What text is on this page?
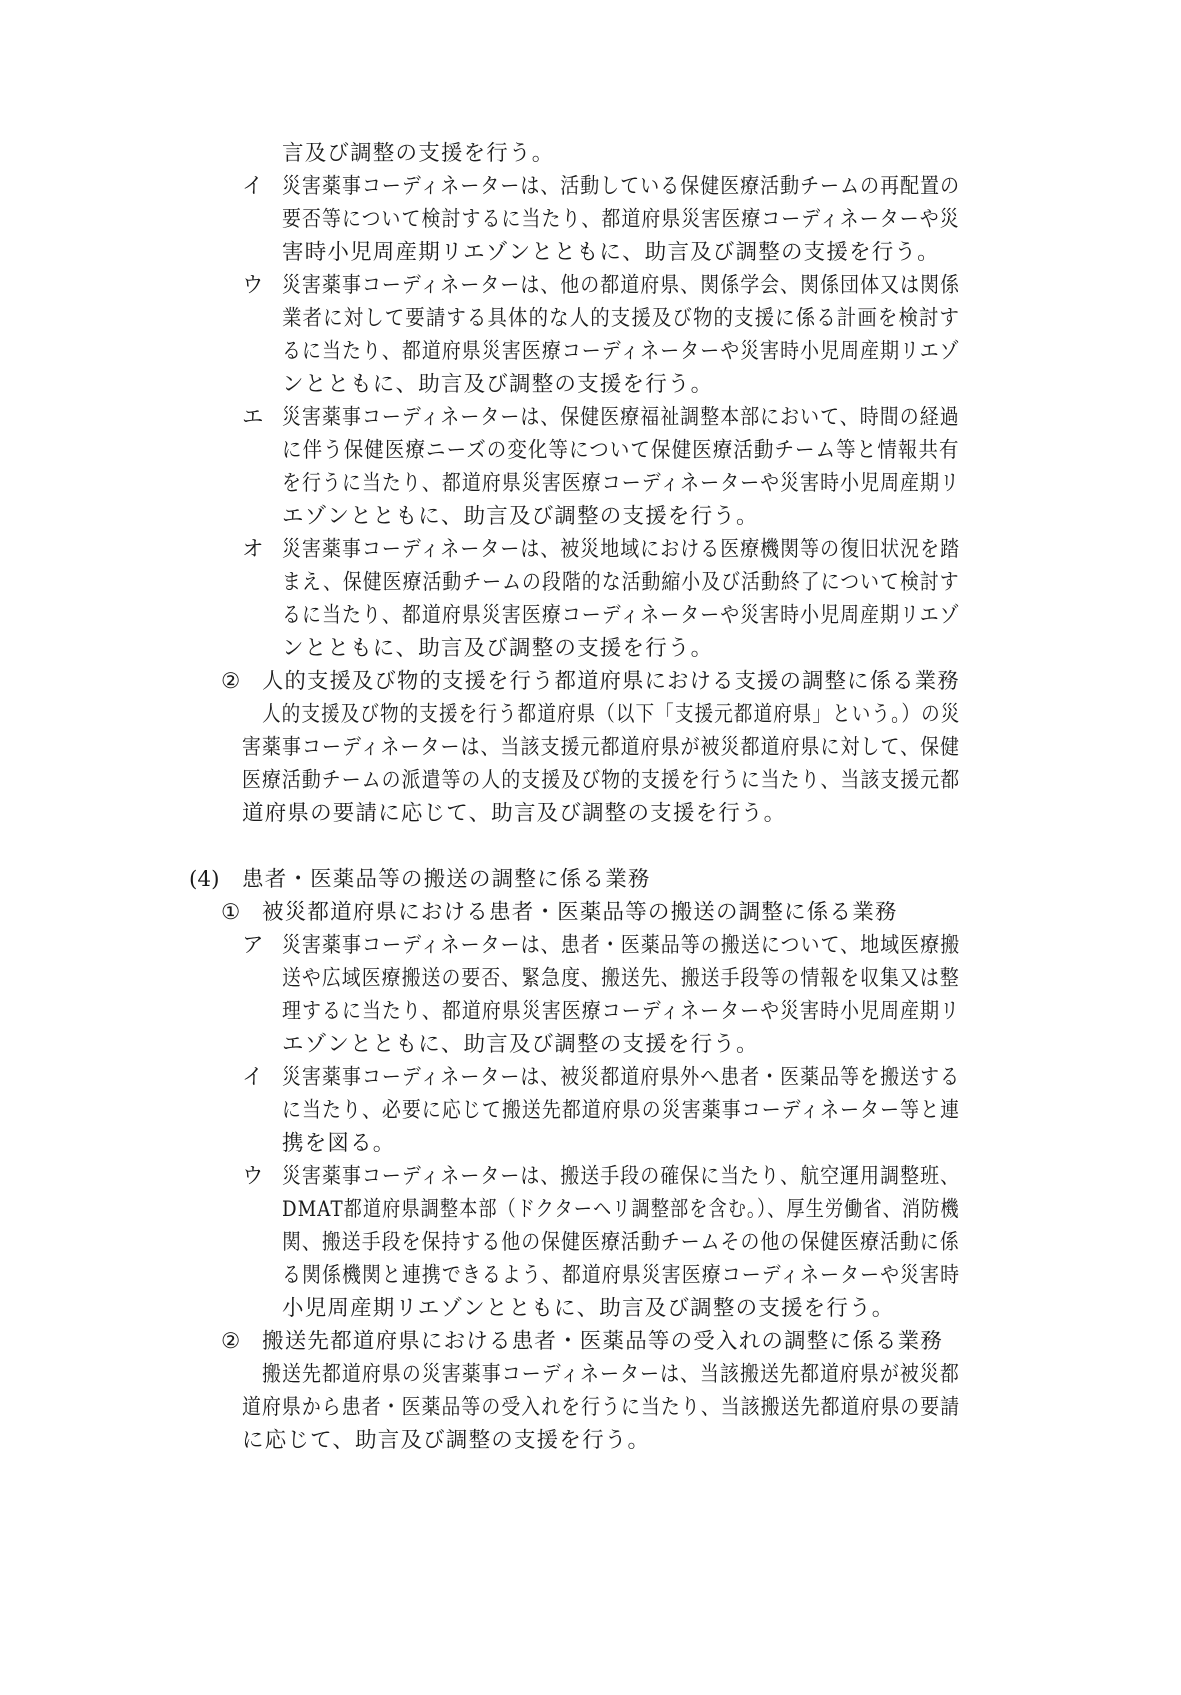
言及び調整の支援を行う。
イ 災害薬事コーディネーターは、活動している保健医療活動チームの再配置の
要否等について検討するに当たり、都道府県災害医療コーディネーターや災
害時小児周産期リエゾンとともに、助言及び調整の支援を行う。
ウ 災害薬事コーディネーターは、他の都道府県、関係学会、関係団体又は関係
業者に対して要請する具体的な人的支援及び物的支援に係る計画を検討す
るに当たり、都道府県災害医療コーディネーターや災害時小児周産期リエゾ
ンとともに、助言及び調整の支援を行う。
エ 災害薬事コーディネーターは、保健医療福祉調整本部において、時間の経過
に伴う保健医療ニーズの変化等について保健医療活動チーム等と情報共有
を行うに当たり、都道府県災害医療コーディネーターや災害時小児周産期リ
エゾンとともに、助言及び調整の支援を行う。
オ 災害薬事コーディネーターは、被災地域における医療機関等の復旧状況を踏
まえ、保健医療活動チームの段階的な活動縮小及び活動終了について検討す
るに当たり、都道府県災害医療コーディネーターや災害時小児周産期リエゾ
ンとともに、助言及び調整の支援を行う。
② 人的支援及び物的支援を行う都道府県における支援の調整に係る業務
人的支援及び物的支援を行う都道府県（以下「支援元都道府県」という。）の災
害薬事コーディネーターは、当該支援元都道府県が被災都道府県に対して、保健
医療活動チームの派遣等の人的支援及び物的支援を行うに当たり、当該支援元都
道府県の要請に応じて、助言及び調整の支援を行う。
(4) 患者・医薬品等の搬送の調整に係る業務
① 被災都道府県における患者・医薬品等の搬送の調整に係る業務
ア 災害薬事コーディネーターは、患者・医薬品等の搬送について、地域医療搬
送や広域医療搬送の要否、緊急度、搬送先、搬送手段等の情報を収集又は整
理するに当たり、都道府県災害医療コーディネーターや災害時小児周産期リ
エゾンとともに、助言及び調整の支援を行う。
イ 災害薬事コーディネーターは、被災都道府県外へ患者・医薬品等を搬送する
に当たり、必要に応じて搬送先都道府県の災害薬事コーディネーター等と連
携を図る。
ウ 災害薬事コーディネーターは、搬送手段の確保に当たり、航空運用調整班、
DMAT都道府県調整本部（ドクターヘリ調整部を含む。）、厚生労働省、消防機
関、搬送手段を保持する他の保健医療活動チームその他の保健医療活動に係
る関係機関と連携できるよう、都道府県災害医療コーディネーターや災害時
小児周産期リエゾンとともに、助言及び調整の支援を行う。
② 搬送先都道府県における患者・医薬品等の受入れの調整に係る業務
搬送先都道府県の災害薬事コーディネーターは、当該搬送先都道府県が被災都
道府県から患者・医薬品等の受入れを行うに当たり、当該搬送先都道府県の要請
に応じて、助言及び調整の支援を行う。
